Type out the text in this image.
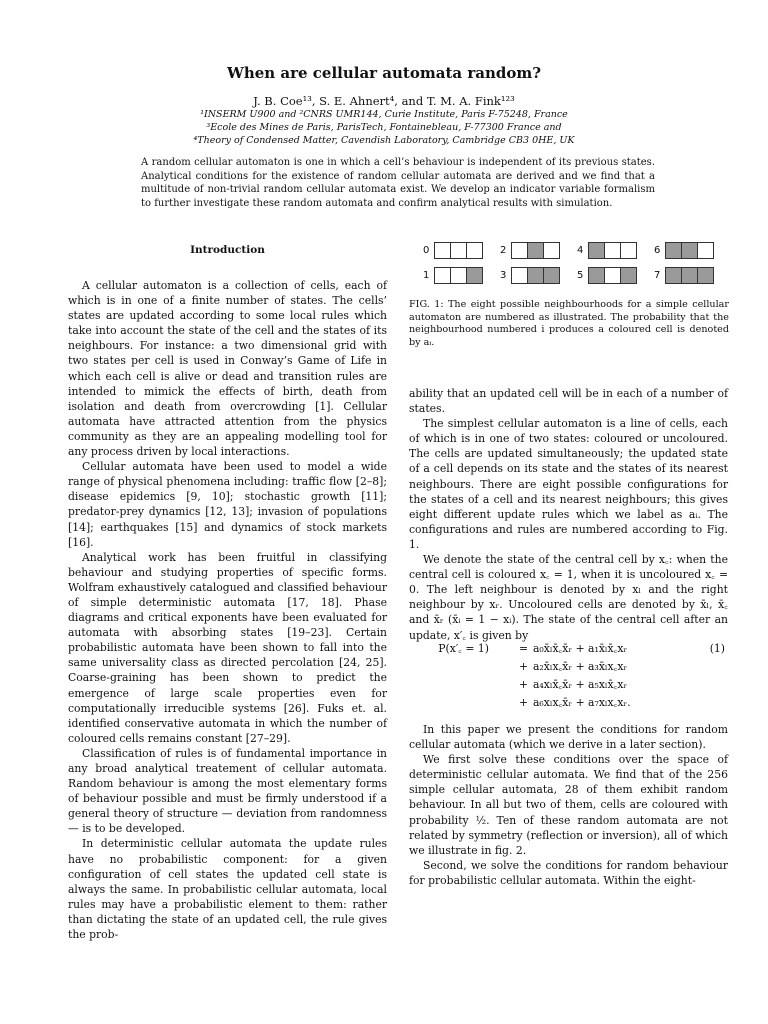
When are cellular automata random?
J. B. Coe¹³, S. E. Ahnert⁴, and T. M. A. Fink¹²³
¹INSERM U900 and ²CNRS UMR144, Curie Institute, Paris F-75248, France
³Ecole des Mines de Paris, ParisTech, Fontainebleau, F-77300 France and
⁴Theory of Condensed Matter, Cavendish Laboratory, Cambridge CB3 0HE, UK
A random cellular automaton is one in which a cell’s behaviour is independent of its previous states. Analytical conditions for the existence of random cellular automata are derived and we find that a multitude of non-trivial random cellular automata exist. We develop an indicator variable formalism to further investigate these random automata and confirm analytical results with simulation.
Introduction

A cellular automaton is a collection of cells, each of which is in one of a finite number of states. The cells’ states are updated according to some local rules which take into account the state of the cell and the states of its neighbours. For instance: a two dimensional grid with two states per cell is used in Conway’s Game of Life in which each cell is alive or dead and transition rules are intended to mimick the effects of birth, death from isolation and death from overcrowding [1]. Cellular automata have attracted attention from the physics community as they are an appealing modelling tool for any process driven by local interactions.

Cellular automata have been used to model a wide range of physical phenomena including: traffic flow [2–8]; disease epidemics [9, 10]; stochastic growth [11]; predator-prey dynamics [12, 13]; invasion of populations [14]; earthquakes [15] and dynamics of stock markets [16].

Analytical work has been fruitful in classifying behaviour and studying properties of specific forms. Wolfram exhaustively catalogued and classified behaviour of simple deterministic automata [17, 18]. Phase diagrams and critical exponents have been evaluated for automata with absorbing states [19–23]. Certain probabilistic automata have been shown to fall into the same universality class as directed percolation [24, 25]. Coarse-graining has been shown to predict the emergence of large scale properties even for computationally irreducible systems [26]. Fuks et. al. identified conservative automata in which the number of coloured cells remains constant [27–29].

Classification of rules is of fundamental importance in any broad analytical treatement of cellular automata. Random behaviour is among the most elementary forms of behaviour possible and must be firmly understood if a general theory of structure — deviation from randomness — is to be developed.

In deterministic cellular automata the update rules have no probabilistic component: for a given configuration of cell states the updated cell state is always the same. In probabilistic cellular automata, local rules may have a probabilistic element to them: rather than dictating the state of an updated cell, the rule gives the prob-

0
1
2
3
4
5
6
7
FIG. 1: The eight possible neighbourhoods for a simple cellular automaton are numbered as illustrated. The probability that the neighbourhood numbered i produces a coloured cell is denoted by aᵢ.

ability that an updated cell will be in each of a number of states.

The simplest cellular automaton is a line of cells, each of which is in one of two states: coloured or uncoloured. The cells are updated simultaneously; the updated state of a cell depends on its state and the states of its nearest neighbours. There are eight possible configurations for the states of a cell and its nearest neighbours; this gives eight different update rules which we label as aᵢ. The configurations and rules are numbered according to Fig. 1.

We denote the state of the central cell by x꜀: when the central cell is coloured x꜀ = 1, when it is uncoloured x꜀ = 0. The left neighbour is denoted by xₗ and the right neighbour by xᵣ. Uncoloured cells are denoted by x̄ₗ, x̄꜀ and x̄ᵣ (x̄ᵢ = 1 − xᵢ). The state of the central cell after an update, x′꜀ is given by

P(x′꜀ = 1)	= a₀x̄ₗx̄꜀x̄ᵣ + a₁x̄ₗx̄꜀xᵣ	(1)
+ a₂x̄ₗx꜀x̄ᵣ + a₃x̄ₗx꜀xᵣ
+ a₄xₗx̄꜀x̄ᵣ + a₅xₗx̄꜀xᵣ
+ a₆xₗx꜀x̄ᵣ + a₇xₗx꜀xᵣ.

In this paper we present the conditions for random cellular automata (which we derive in a later section).

We first solve these conditions over the space of deterministic cellular automata. We find that of the 256 simple cellular automata, 28 of them exhibit random behaviour. In all but two of them, cells are coloured with probability ½. Ten of these random automata are not related by symmetry (reflection or inversion), all of which we illustrate in fig. 2.

Second, we solve the conditions for random behaviour for probabilistic cellular automata. Within the eight-
